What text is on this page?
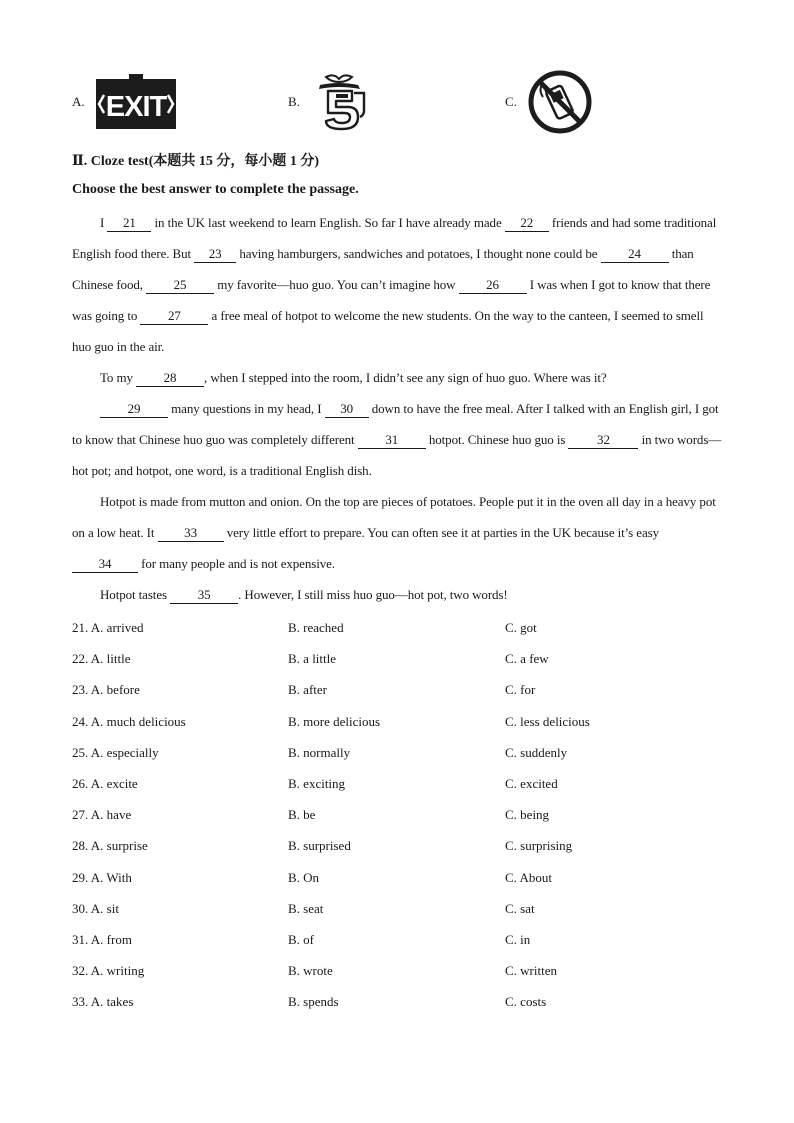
A. EXIT	B.	C.
Ⅱ. Cloze test(本题共 15 分，每小题 1 分)
Choose the best answer to complete the passage.

I 21 in the UK last weekend to learn English. So far I have already made 22 friends and had some traditional English food there. But 23 having hamburgers, sandwiches and potatoes, I thought none could be 24 than Chinese food, 25 my favorite—huo guo. You can’t imagine how 26 I was when I got to know that there was going to 27 a free meal of hotpot to welcome the new students. On the way to the canteen, I seemed to smell huo guo in the air.

To my 28 , when I stepped into the room, I didn’t see any sign of huo guo. Where was it?

29 many questions in my head, I 30 down to have the free meal. After I talked with an English girl, I got to know that Chinese huo guo was completely different 31 hotpot. Chinese huo guo is 32 in two words—hot pot; and hotpot, one word, is a traditional English dish.

Hotpot is made from mutton and onion. On the top are pieces of potatoes. People put it in the oven all day in a heavy pot on a low heat. It 33 very little effort to prepare. You can often see it at parties in the UK because it’s easy 34 for many people and is not expensive.

Hotpot tastes 35 . However, I still miss huo guo—hot pot, two words!

21. A. arrived	B. reached	C. got
22. A. little	B. a little	C. a few
23. A. before	B. after	C. for
24. A. much delicious	B. more delicious	C. less delicious
25. A. especially	B. normally	C. suddenly
26. A. excite	B. exciting	C. excited
27. A. have	B. be	C. being
28. A. surprise	B. surprised	C. surprising
29. A. With	B. On	C. About
30. A. sit	B. seat	C. sat
31. A. from	B. of	C. in
32. A. writing	B. wrote	C. written
33. A. takes	B. spends	C. costs
